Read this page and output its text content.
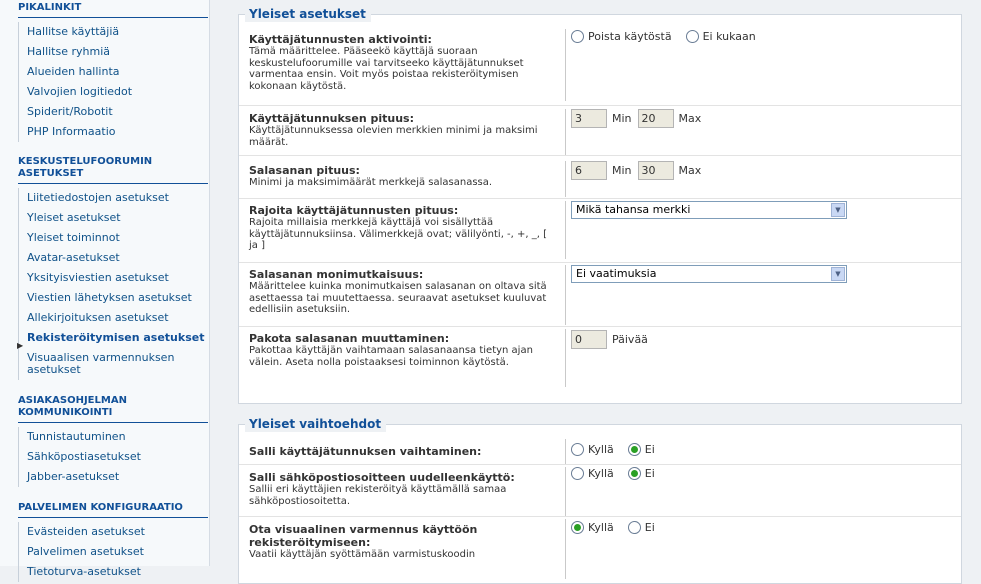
PIKALINKIT
Hallitse käyttäjiä
Hallitse ryhmiä
Alueiden hallinta
Valvojien logitiedot
Spiderit/Robotit
PHP Informaatio
KESKUSTELUFOORUMIN ASETUKSET
Liitetiedostojen asetukset
Yleiset asetukset
Yleiset toiminnot
Avatar-asetukset
Yksityisviestien asetukset
Viestien lähetyksen asetukset
Allekirjoituksen asetukset
▶
Rekisteröitymisen asetukset
Visuaalisen varmennuksen asetukset
ASIAKASOHJELMAN KOMMUNIKOINTI
Tunnistautuminen
Sähköpostiasetukset
Jabber-asetukset
PALVELIMEN KONFIGURAATIO
Evästeiden asetukset
Palvelimen asetukset
Tietoturva-asetukset
Yleiset asetukset
Käyttäjätunnusten aktivointi:
Tämä määrittelee. Pääseekö käyttäjä suoraan keskustelufoorumille vai tarvitseeko käyttäjätunnukset varmentaa ensin. Voit myös poistaa rekisteröitymisen kokonaan käytöstä.
Poista käytöstä	Ei kukaan
Käyttäjätunnuksen pituus:
Käyttäjätunnuksessa olevien merkkien minimi ja maksimi määrät.
3	Min 20 Max
Salasanan pituus:
Minimi ja maksimimäärät merkkejä salasanassa.
6	Min 30 Max
Rajoita käyttäjätunnusten pituus:
Rajoita millaisia merkkejä käyttäjä voi sisällyttää käyttäjätunnuksiinsa. Välimerkkejä ovat; välilyönti, -, +, _, [ ja ]
Mikä tahansa merkki	▼
Salasanan monimutkaisuus:
Määrittelee kuinka monimutkaisen salasanan on oltava sitä asettaessa tai muutettaessa. seuraavat asetukset kuuluvat edellisiin asetuksiin.
Ei vaatimuksia	▼
Pakota salasanan muuttaminen:
Pakottaa käyttäjän vaihtamaan salasanaansa tietyn ajan välein. Aseta nolla poistaaksesi toiminnon käytöstä.
0	Päivää
Yleiset vaihtoehdot
Salli käyttäjätunnuksen vaihtaminen:	Kyllä	Ei
Salli sähköpostiosoitteen uudelleenkäyttö:
Sallii eri käyttäjien rekisteröityä käyttämällä samaa sähköpostiosoitetta.
Kyllä	Ei
Ota visuaalinen varmennus käyttöön rekisteröitymiseen:
Vaatii käyttäjän syöttämään varmistuskoodin
Kyllä	Ei
